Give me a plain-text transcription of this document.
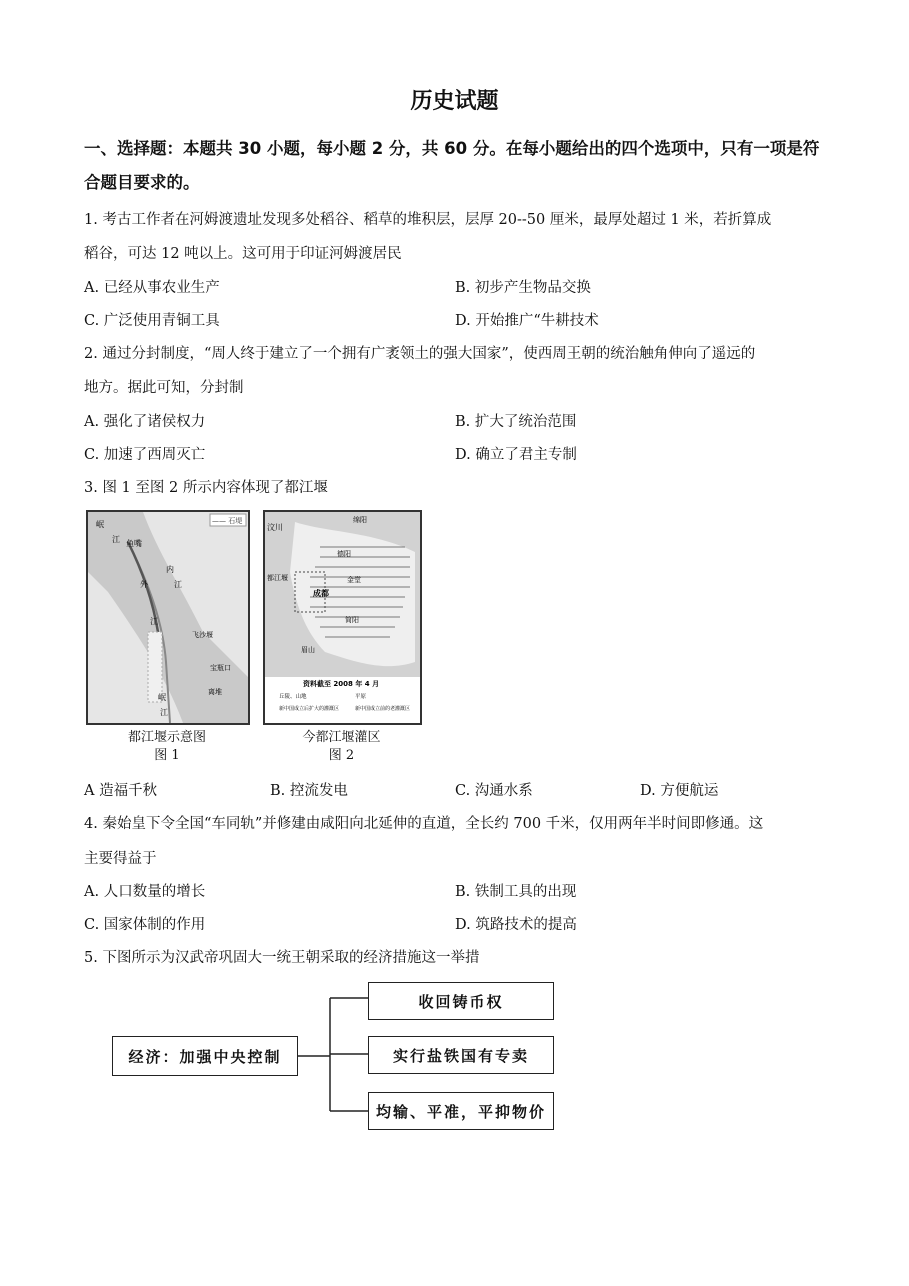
历史试题
一、选择题：本题共 30 小题，每小题 2 分，共 60 分。在每小题给出的四个选项中，只有一项是符合题目要求的。
1. 考古工作者在河姆渡遗址发现多处稻谷、稻草的堆积层，层厚 20--50 厘米，最厚处超过 1 米，若折算成
稻谷，可达 12 吨以上。这可用于印证河姆渡居民
A. 已经从事农业生产	B. 初步产生物品交换
C. 广泛使用青铜工具	D. 开始推广“牛耕技术
2. 通过分封制度，“周人终于建立了一个拥有广袤领土的强大国家”，使西周王朝的统治触角伸向了遥远的
地方。据此可知，分封制
A. 强化了诸侯权力	B. 扩大了统治范围
C. 加速了西周灭亡	D. 确立了君主专制
3. 图 1 至图 2 所示内容体现了都江堰
—— 石堤
岷
江 鱼嘴
外
内
江
江
飞沙堰
宝瓶口
离堆
岷
江
都江堰示意图
图 1
资料截至 2008 年 4 月
丘陵、山地	平原
新中国成立后扩大的灌溉区	新中国成立前的老灌溉区
汶川
绵阳
德阳
都江堰	金堂
成都
简阳
眉山
今都江堰灌区
图 2
A 造福千秋	B. 控流发电	C. 沟通水系	D. 方便航运
4. 秦始皇下令全国“车同轨”并修建由咸阳向北延伸的直道，全长约 700 千米，仅用两年半时间即修通。这
主要得益于
A. 人口数量的增长	B. 铁制工具的出现
C. 国家体制的作用	D. 筑路技术的提高
5. 下图所示为汉武帝巩固大一统王朝采取的经济措施这一举措
经济：加强中央控制
收回铸币权
实行盐铁国有专卖
均输、平准，平抑物价
